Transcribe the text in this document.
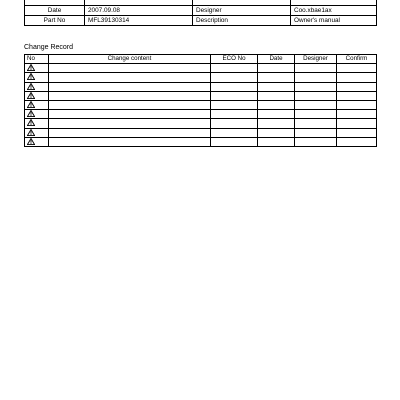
Date	2007.09.08	Designer	Coo.xbae1ax
Part No	MFL39130314	Description	Owner's manual
Change Record
No	Change content	ECO No	Date	Designer	Confirm
